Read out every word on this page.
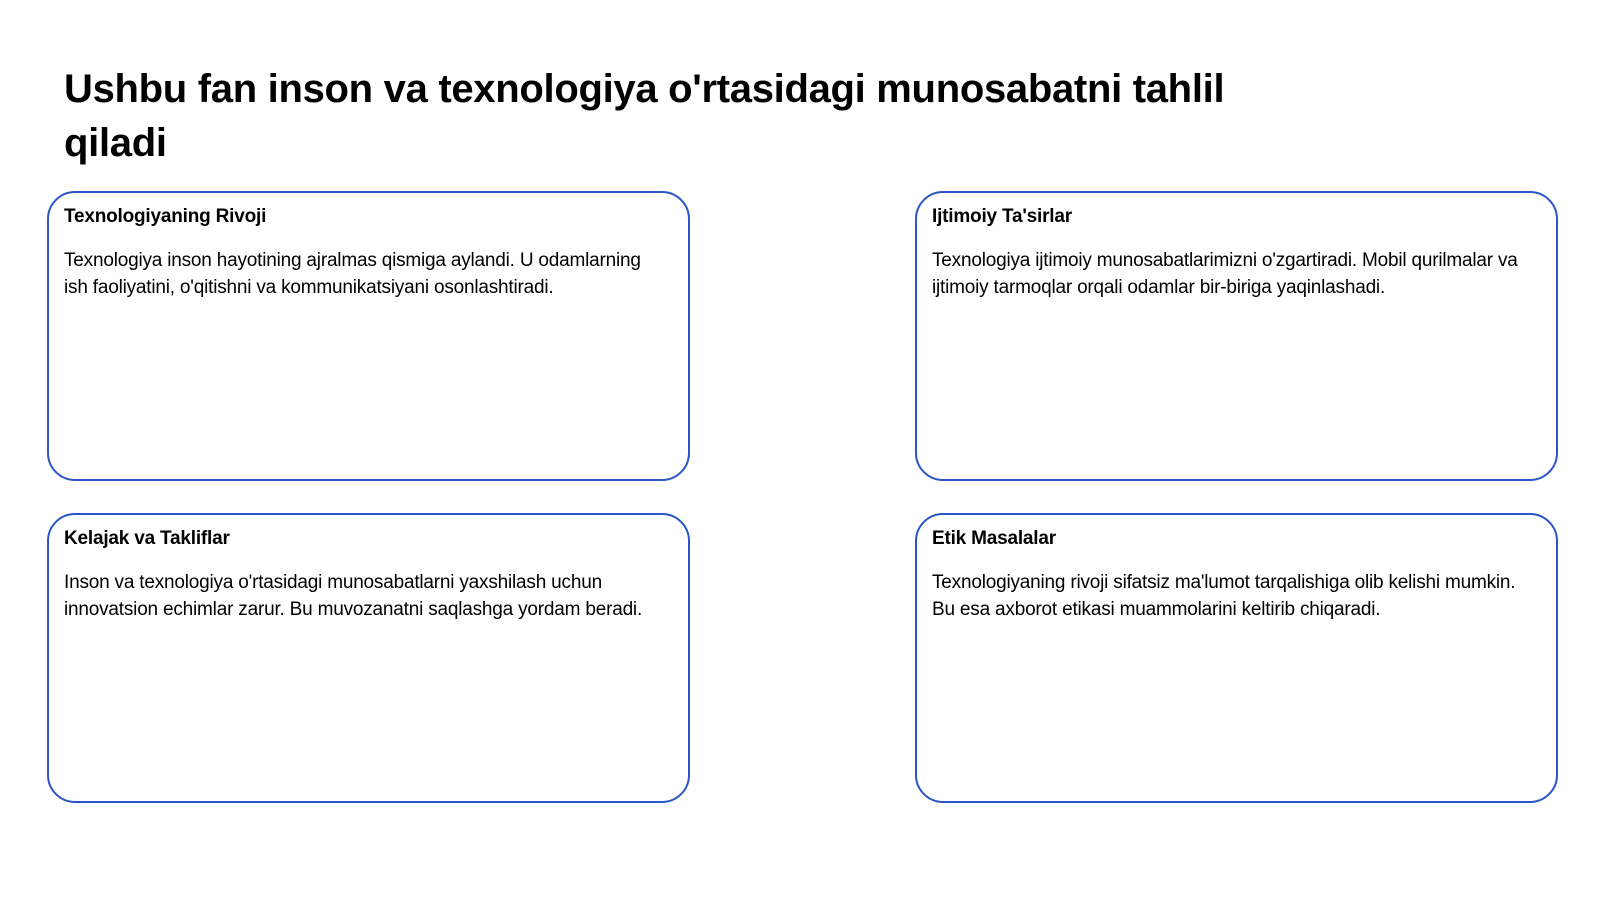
Ushbu fan inson va texnologiya o'rtasidagi munosabatni tahlil qiladi
Texnologiyaning Rivoji
Texnologiya inson hayotining ajralmas qismiga aylandi. U odamlarning ish faoliyatini, o'qitishni va kommunikatsiyani osonlashtiradi.
Ijtimoiy Ta'sirlar
Texnologiya ijtimoiy munosabatlarimizni o'zgartiradi. Mobil qurilmalar va ijtimoiy tarmoqlar orqali odamlar bir-biriga yaqinlashadi.
Kelajak va Takliflar
Inson va texnologiya o'rtasidagi munosabatlarni yaxshilash uchun innovatsion echimlar zarur. Bu muvozanatni saqlashga yordam beradi.
Etik Masalalar
Texnologiyaning rivoji sifatsiz ma'lumot tarqalishiga olib kelishi mumkin. Bu esa axborot etikasi muammolarini keltirib chiqaradi.
